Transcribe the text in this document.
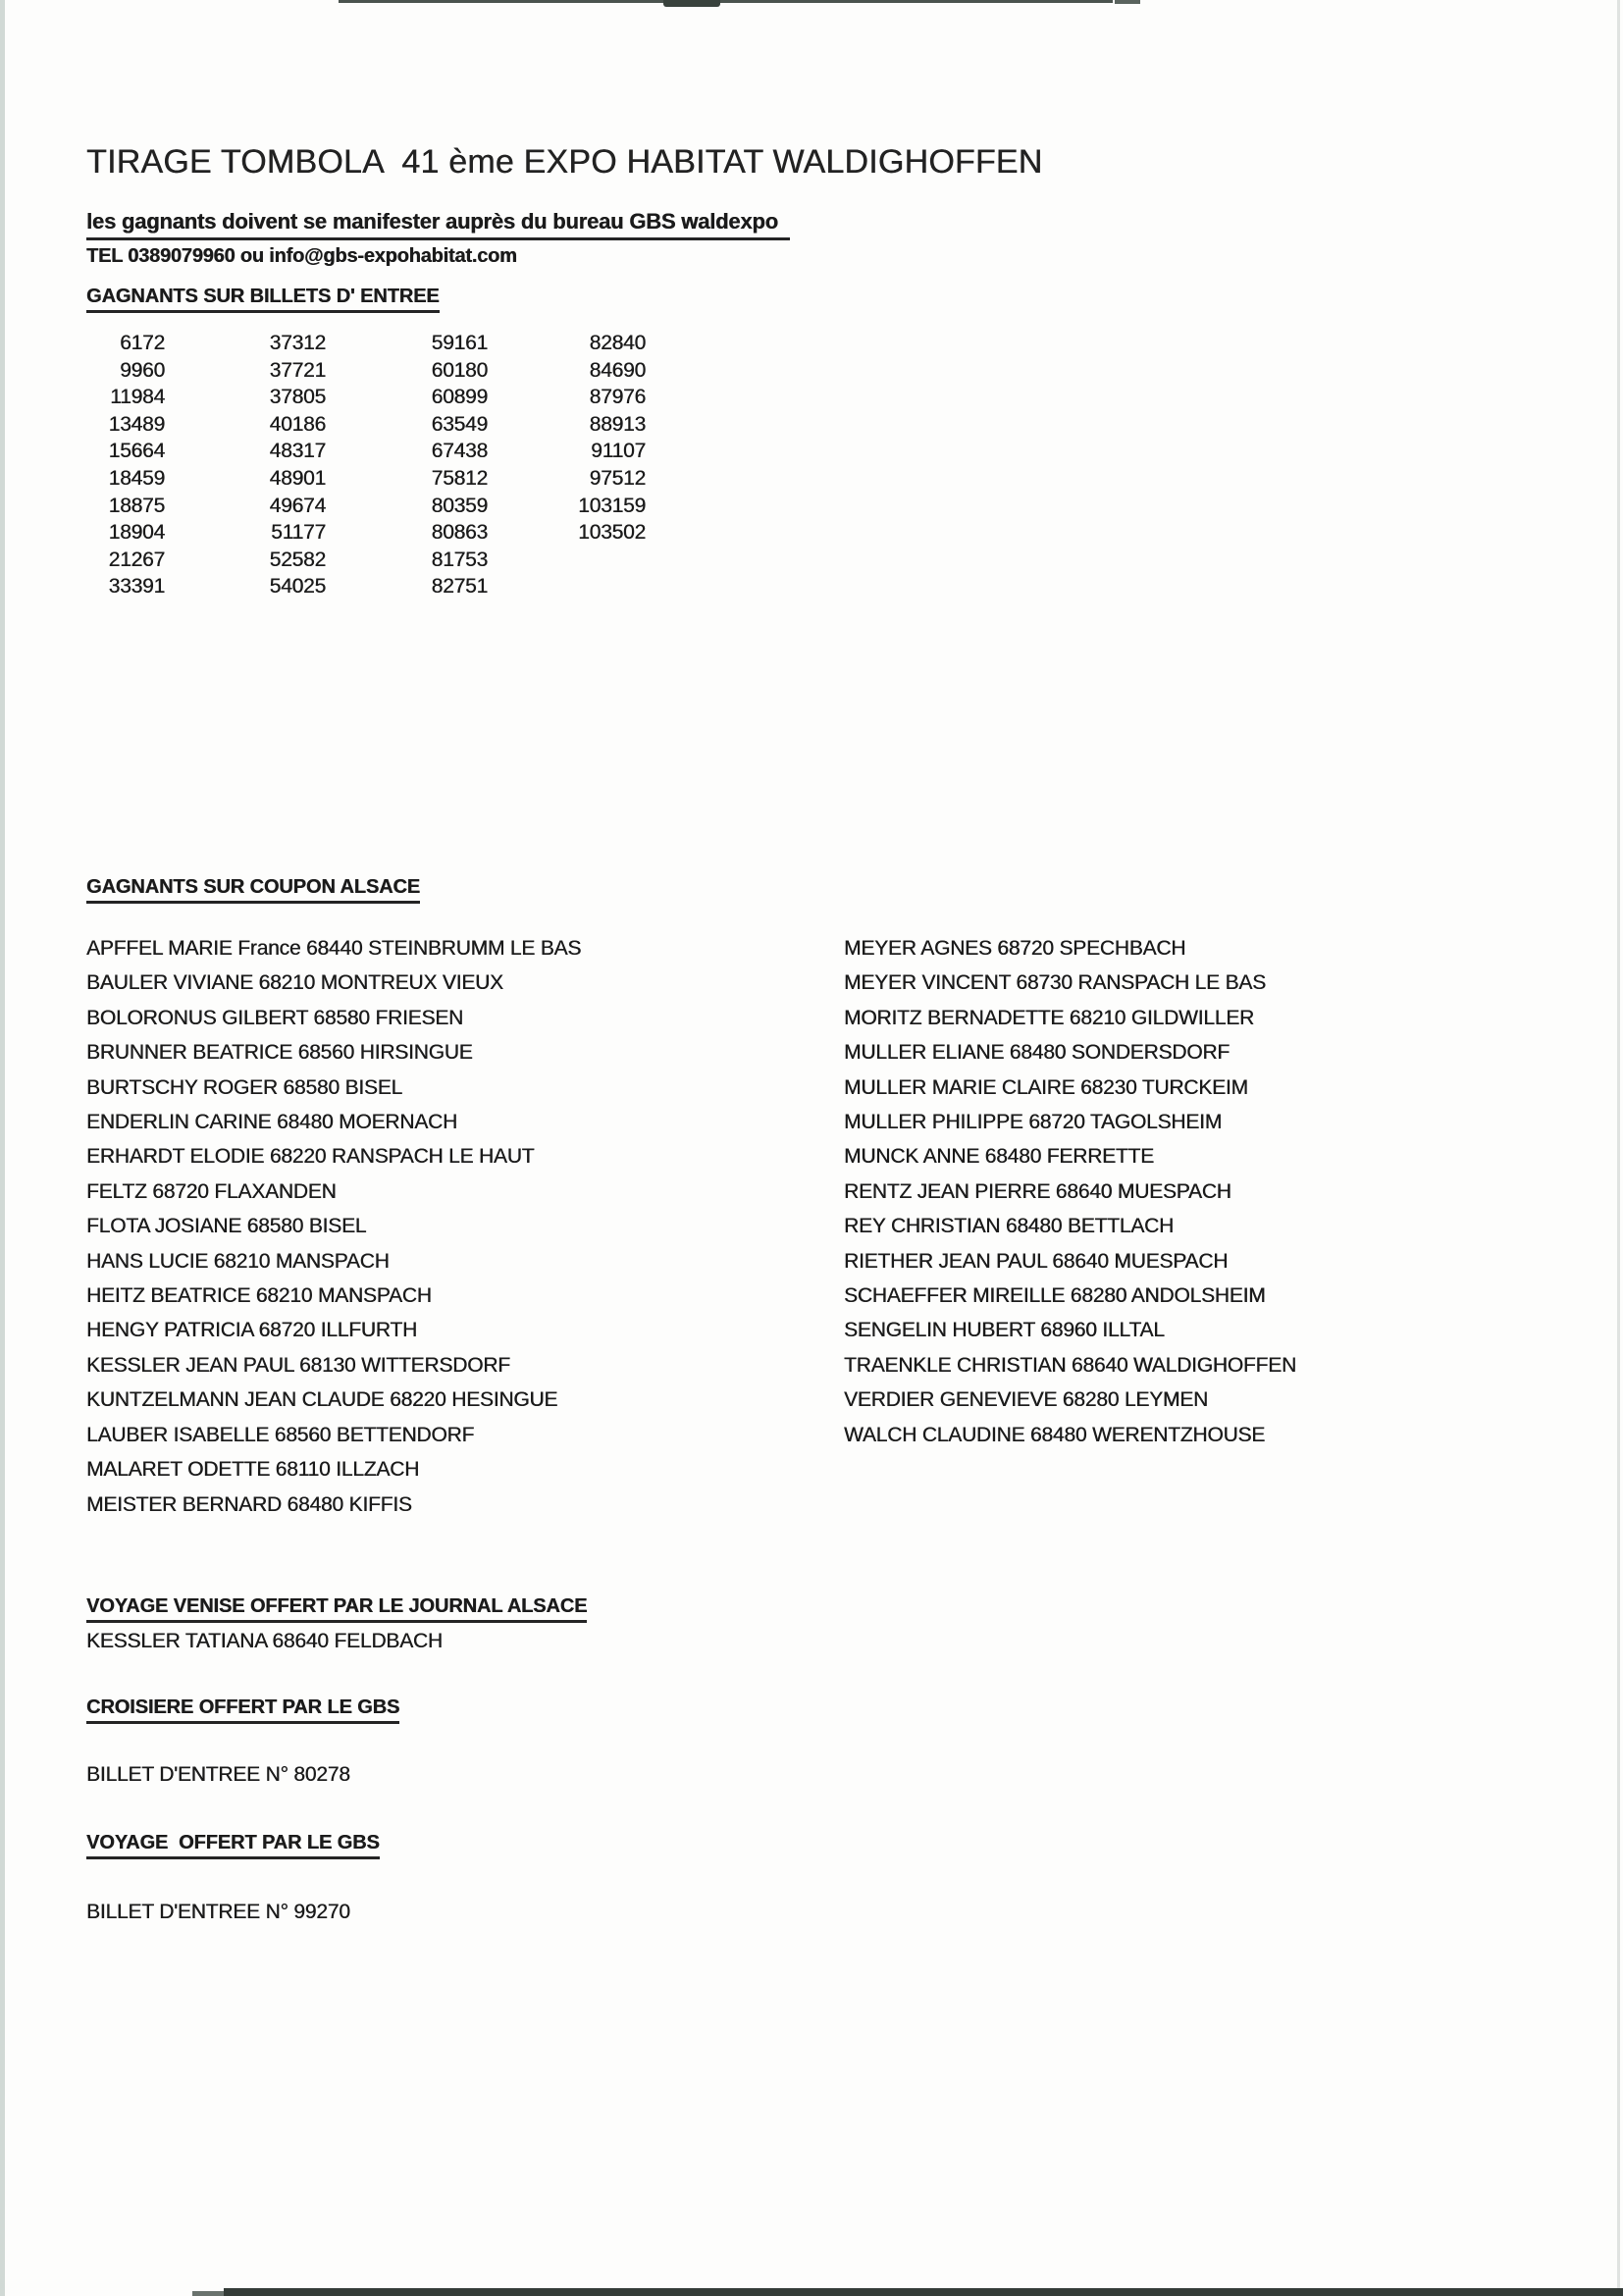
TIRAGE TOMBOLA  41 ème EXPO HABITAT WALDIGHOFFEN
les gagnants doivent se manifester auprès du bureau GBS waldexpo
TEL 0389079960 ou info@gbs-expohabitat.com
GAGNANTS SUR BILLETS D' ENTREE
6172
9960
11984
13489
15664
18459
18875
18904
21267
33391
37312
37721
37805
40186
48317
48901
49674
51177
52582
54025
59161
60180
60899
63549
67438
75812
80359
80863
81753
82751
82840
84690
87976
88913
91107
97512
103159
103502
GAGNANTS SUR COUPON ALSACE
APFFEL MARIE France 68440 STEINBRUMM LE BAS
BAULER VIVIANE 68210 MONTREUX VIEUX
BOLORONUS GILBERT 68580 FRIESEN
BRUNNER BEATRICE 68560 HIRSINGUE
BURTSCHY ROGER 68580 BISEL
ENDERLIN CARINE 68480 MOERNACH
ERHARDT ELODIE 68220 RANSPACH LE HAUT
FELTZ 68720 FLAXANDEN
FLOTA JOSIANE 68580 BISEL
HANS LUCIE 68210 MANSPACH
HEITZ BEATRICE 68210 MANSPACH
HENGY PATRICIA 68720 ILLFURTH
KESSLER JEAN PAUL 68130 WITTERSDORF
KUNTZELMANN JEAN CLAUDE 68220 HESINGUE
LAUBER ISABELLE 68560 BETTENDORF
MALARET ODETTE 68110 ILLZACH
MEISTER BERNARD 68480 KIFFIS
MEYER AGNES 68720 SPECHBACH
MEYER VINCENT 68730 RANSPACH LE BAS
MORITZ BERNADETTE 68210 GILDWILLER
MULLER ELIANE 68480 SONDERSDORF
MULLER MARIE CLAIRE 68230 TURCKEIM
MULLER PHILIPPE 68720 TAGOLSHEIM
MUNCK ANNE 68480 FERRETTE
RENTZ JEAN PIERRE 68640 MUESPACH
REY CHRISTIAN 68480 BETTLACH
RIETHER JEAN PAUL 68640 MUESPACH
SCHAEFFER MIREILLE 68280 ANDOLSHEIM
SENGELIN HUBERT 68960 ILLTAL
TRAENKLE CHRISTIAN 68640 WALDIGHOFFEN
VERDIER GENEVIEVE 68280 LEYMEN
WALCH CLAUDINE 68480 WERENTZHOUSE
VOYAGE VENISE OFFERT PAR LE JOURNAL ALSACE
KESSLER TATIANA 68640 FELDBACH
CROISIERE OFFERT PAR LE GBS
BILLET D'ENTREE N° 80278
VOYAGE  OFFERT PAR LE GBS
BILLET D'ENTREE N° 99270
